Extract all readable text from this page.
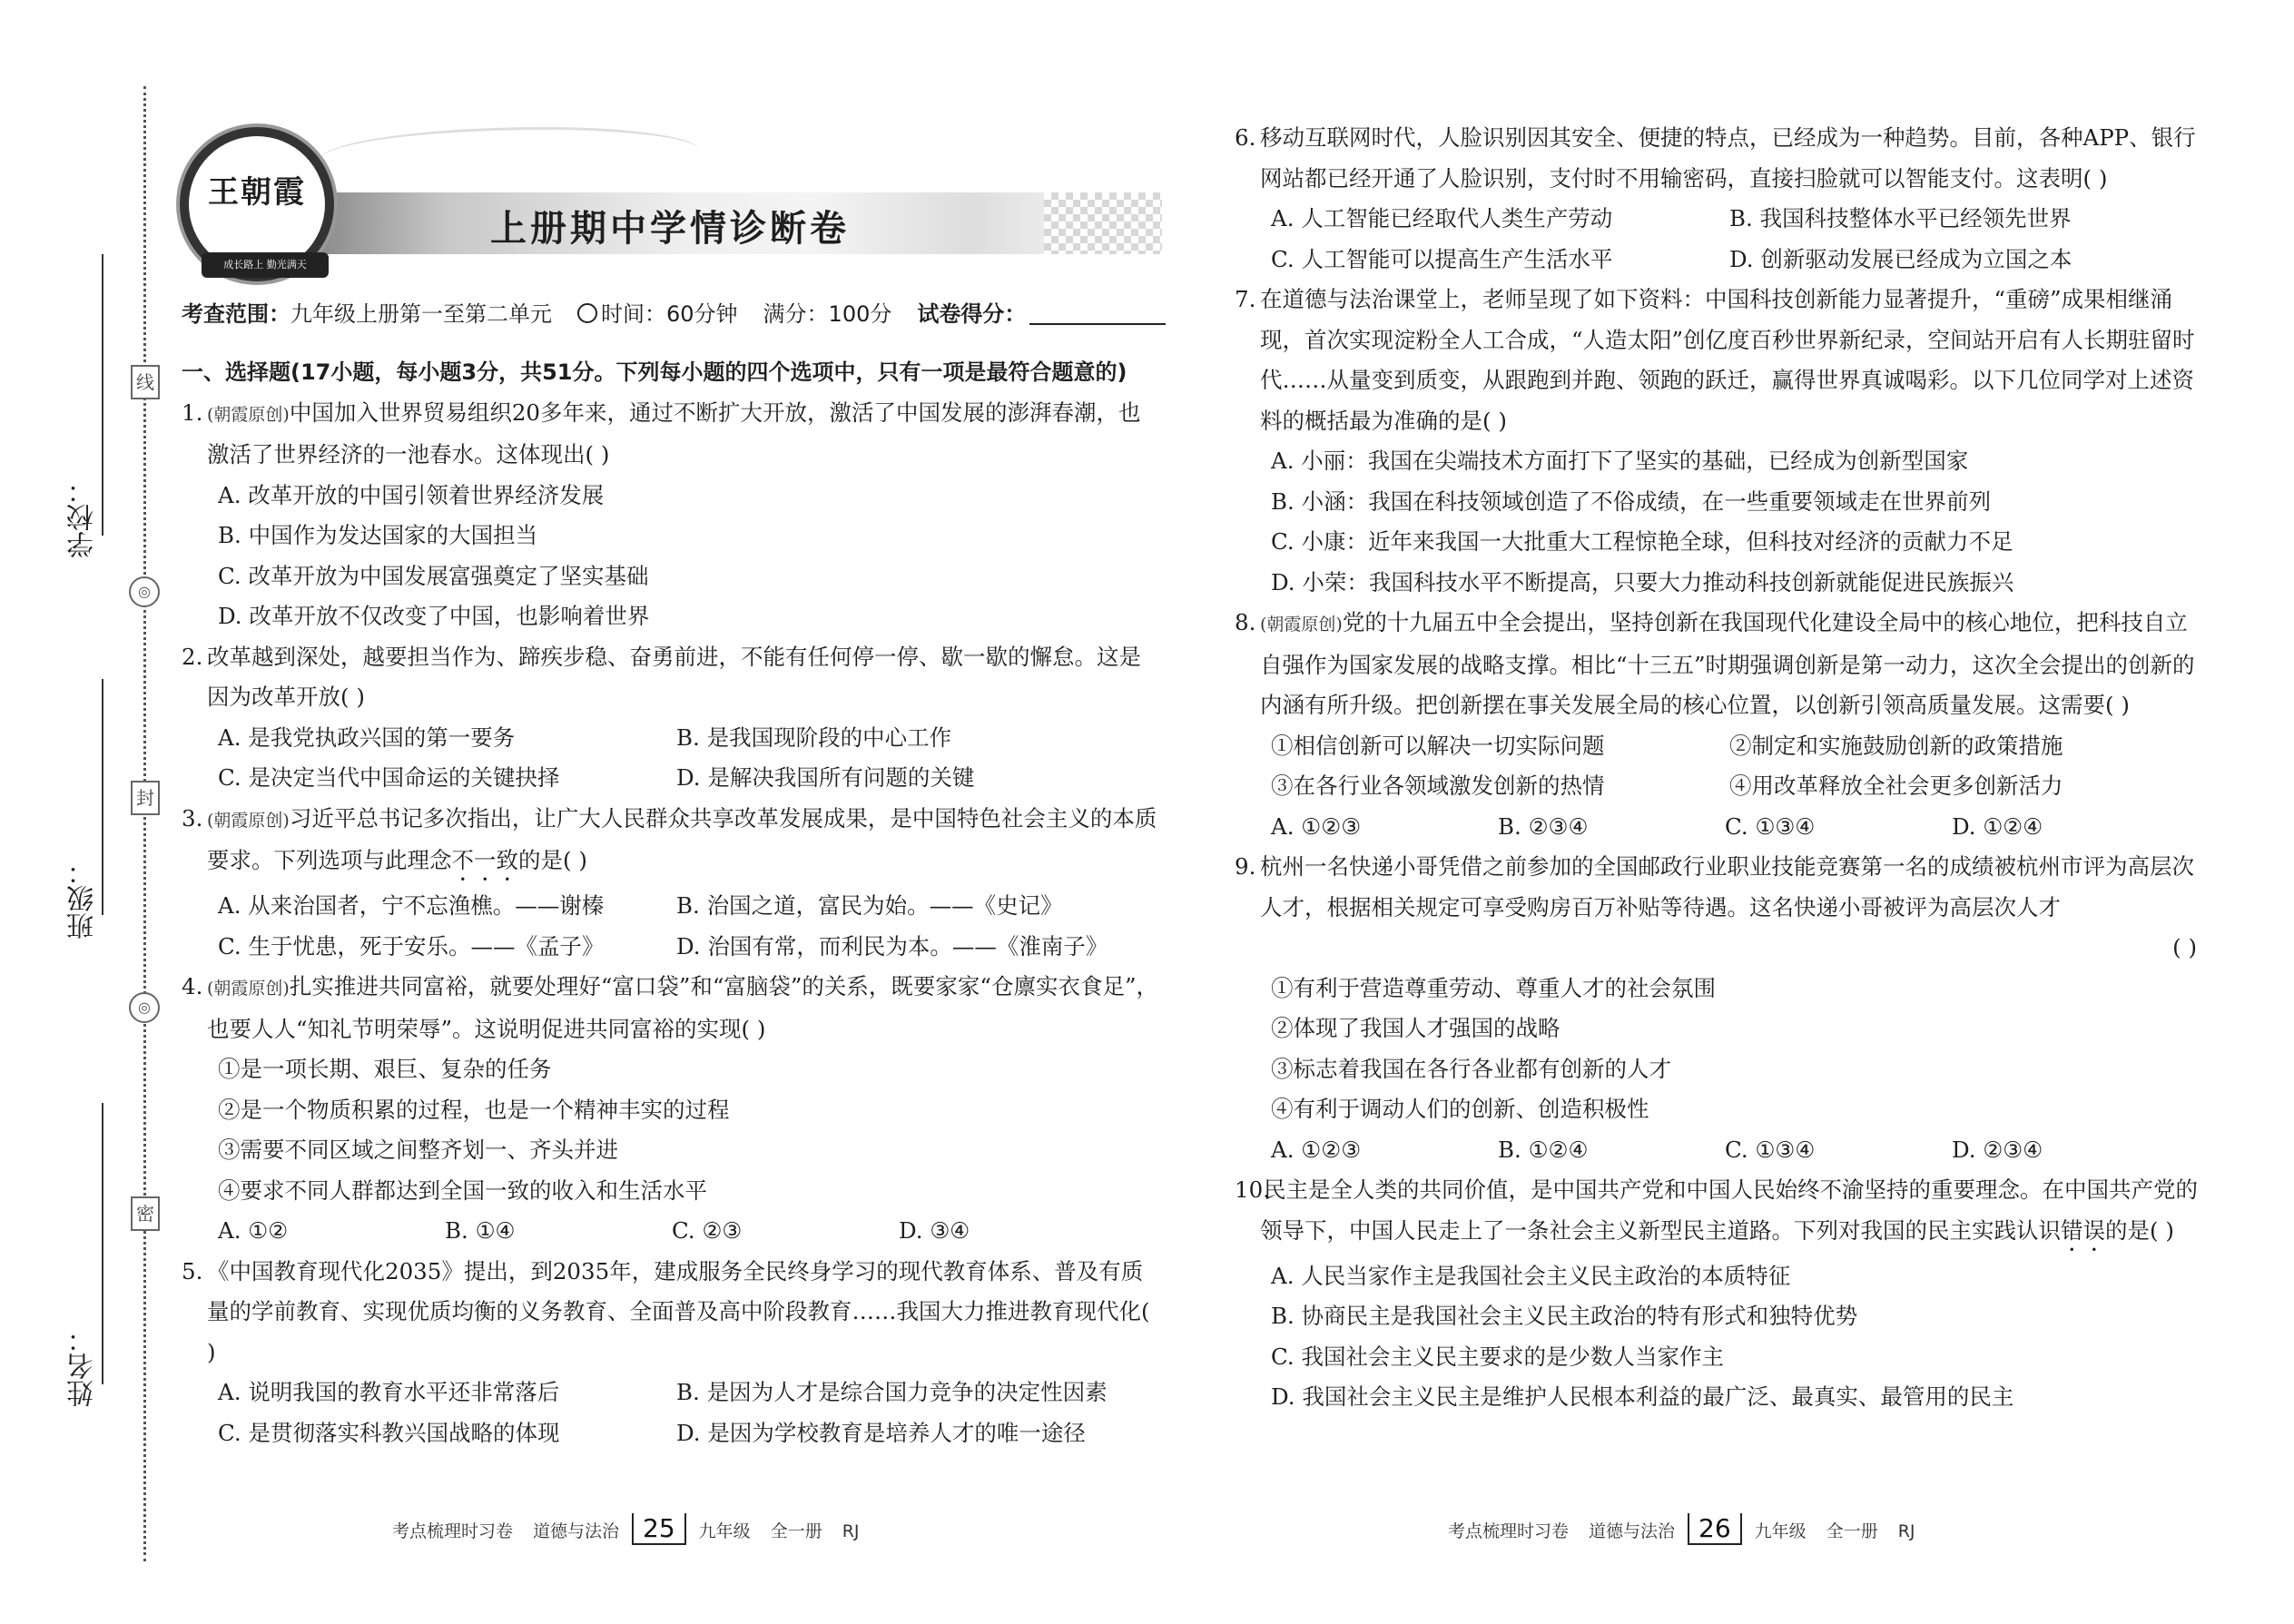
学校：
线
◎
班级：
封
◎
姓名：
密
上册期中学情诊断卷
王朝霞
成长路上 勤光满天
考查范围：九年级上册第一至第二单元 时间：60分钟 满分：100分 试卷得分：
一、选择题(17小题，每小题3分，共51分。下列每小题的四个选项中，只有一项是最符合题意的)
1. (朝霞原创)中国加入世界贸易组织20多年来，通过不断扩大开放，激活了中国发展的澎湃春潮，也激活了世界经济的一池春水。这体现出( )
A. 改革开放的中国引领着世界经济发展
B. 中国作为发达国家的大国担当
C. 改革开放为中国发展富强奠定了坚实基础
D. 改革开放不仅改变了中国，也影响着世界
2. 改革越到深处，越要担当作为、蹄疾步稳、奋勇前进，不能有任何停一停、歇一歇的懈怠。这是因为改革开放( )
A. 是我党执政兴国的第一要务	B. 是我国现阶段的中心工作
C. 是决定当代中国命运的关键抉择	D. 是解决我国所有问题的关键
3. (朝霞原创)习近平总书记多次指出，让广大人民群众共享改革发展成果，是中国特色社会主义的本质要求。下列选项与此理念不一致的是( )
A. 从来治国者，宁不忘渔樵。——谢榛	B. 治国之道，富民为始。——《史记》
C. 生于忧患，死于安乐。——《孟子》	D. 治国有常，而利民为本。——《淮南子》
4. (朝霞原创)扎实推进共同富裕，就要处理好“富口袋”和“富脑袋”的关系，既要家家“仓廪实衣食足”，也要人人“知礼节明荣辱”。这说明促进共同富裕的实现( )
①是一项长期、艰巨、复杂的任务
②是一个物质积累的过程，也是一个精神丰实的过程
③需要不同区域之间整齐划一、齐头并进
④要求不同人群都达到全国一致的收入和生活水平
A. ①②	B. ①④	C. ②③	D. ③④
5. 《中国教育现代化2035》提出，到2035年，建成服务全民终身学习的现代教育体系、普及有质量的学前教育、实现优质均衡的义务教育、全面普及高中阶段教育……我国大力推进教育现代化( )
A. 说明我国的教育水平还非常落后	B. 是因为人才是综合国力竞争的决定性因素
C. 是贯彻落实科教兴国战略的体现	D. 是因为学校教育是培养人才的唯一途径
6. 移动互联网时代，人脸识别因其安全、便捷的特点，已经成为一种趋势。目前，各种APP、银行网站都已经开通了人脸识别，支付时不用输密码，直接扫脸就可以智能支付。这表明( )
A. 人工智能已经取代人类生产劳动	B. 我国科技整体水平已经领先世界
C. 人工智能可以提高生产生活水平	D. 创新驱动发展已经成为立国之本
7. 在道德与法治课堂上，老师呈现了如下资料：中国科技创新能力显著提升，“重磅”成果相继涌现，首次实现淀粉全人工合成，“人造太阳”创亿度百秒世界新纪录，空间站开启有人长期驻留时代……从量变到质变，从跟跑到并跑、领跑的跃迁，赢得世界真诚喝彩。以下几位同学对上述资料的概括最为准确的是( )
A. 小丽：我国在尖端技术方面打下了坚实的基础，已经成为创新型国家
B. 小涵：我国在科技领域创造了不俗成绩，在一些重要领域走在世界前列
C. 小康：近年来我国一大批重大工程惊艳全球，但科技对经济的贡献力不足
D. 小荣：我国科技水平不断提高，只要大力推动科技创新就能促进民族振兴
8. (朝霞原创)党的十九届五中全会提出，坚持创新在我国现代化建设全局中的核心地位，把科技自立自强作为国家发展的战略支撑。相比“十三五”时期强调创新是第一动力，这次全会提出的创新的内涵有所升级。把创新摆在事关发展全局的核心位置，以创新引领高质量发展。这需要( )
①相信创新可以解决一切实际问题	②制定和实施鼓励创新的政策措施
③在各行业各领域激发创新的热情	④用改革释放全社会更多创新活力
A. ①②③	B. ②③④	C. ①③④	D. ①②④
9. 杭州一名快递小哥凭借之前参加的全国邮政行业职业技能竞赛第一名的成绩被杭州市评为高层次人才，根据相关规定可享受购房百万补贴等待遇。这名快递小哥被评为高层次人才
( )
①有利于营造尊重劳动、尊重人才的社会氛围
②体现了我国人才强国的战略
③标志着我国在各行各业都有创新的人才
④有利于调动人们的创新、创造积极性
A. ①②③	B. ①②④	C. ①③④	D. ②③④
10.民主是全人类的共同价值，是中国共产党和中国人民始终不渝坚持的重要理念。在中国共产党的领导下，中国人民走上了一条社会主义新型民主道路。下列对我国的民主实践认识错误的是( )
A. 人民当家作主是我国社会主义民主政治的本质特征
B. 协商民主是我国社会主义民主政治的特有形式和独特优势
C. 我国社会主义民主要求的是少数人当家作主
D. 我国社会主义民主是维护人民根本利益的最广泛、最真实、最管用的民主
考点梳理时习卷 道德与法治 25 九年级 全一册 RJ	考点梳理时习卷 道德与法治 26 九年级 全一册 RJ
